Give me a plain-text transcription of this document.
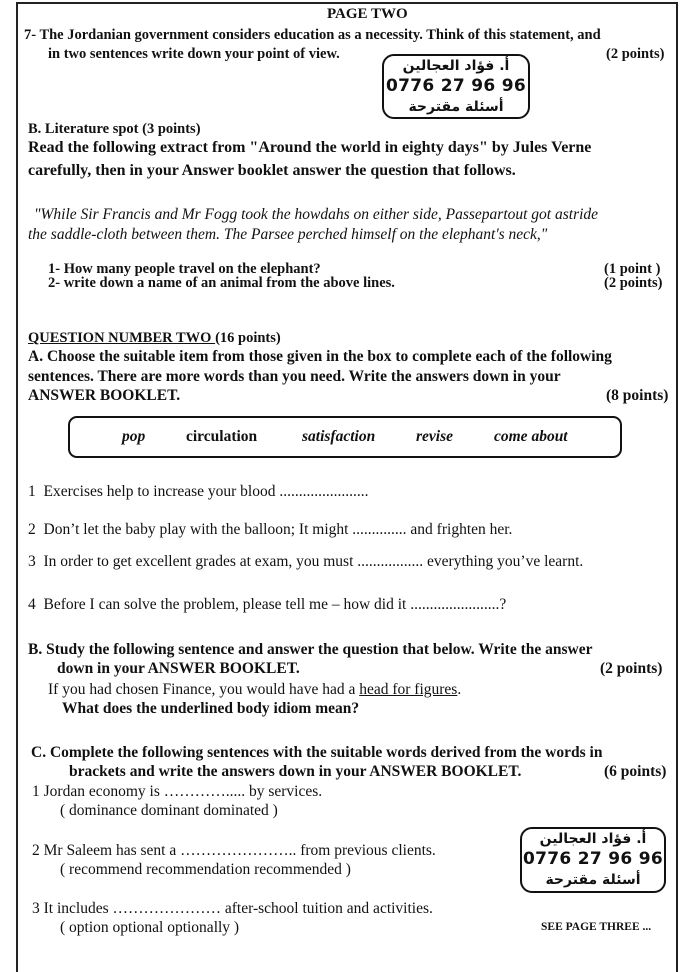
PAGE TWO
7- The Jordanian government considers education as a necessity. Think of this statement, and
in two sentences write down your point of view.	(2 points)
أ. فؤاد العجالين
0776 27 96 96
أسئلة مقترحة
B. Literature spot (3 points)
Read the following extract from "Around the world in eighty days" by Jules Verne
carefully, then in your Answer booklet answer the question that follows.
"While Sir Francis and Mr Fogg took the howdahs on either side, Passepartout got astride
the saddle-cloth between them. The Parsee perched himself on the elephant's neck,"
1- How many people travel on the elephant?	(1 point )
2- write down a name of an animal from the above lines.	(2 points)
QUESTION NUMBER TWO (16 points)
A. Choose the suitable item from those given in the box to complete each of the following
sentences. There are more words than you need. Write the answers down in your
ANSWER BOOKLET.	(8 points)
pop	circulation	satisfaction	revise	come about
1 Exercises help to increase your blood .......................
2 Don’t let the baby play with the balloon; It might .............. and frighten her.
3 In order to get excellent grades at exam, you must ................. everything you’ve learnt.
4 Before I can solve the problem, please tell me – how did it .......................?
B. Study the following sentence and answer the question that below. Write the answer
down in your ANSWER BOOKLET.	(2 points)
If you had chosen Finance, you would have had a head for figures.
What does the underlined body idiom mean?
C. Complete the following sentences with the suitable words derived from the words in
brackets and write the answers down in your ANSWER BOOKLET.	(6 points)
1 Jordan economy is …………..... by services.
( dominance dominant dominated )
2 Mr Saleem has sent a ………………….. from previous clients.
( recommend recommendation recommended )
3 It includes ………………… after-school tuition and activities.
( option optional optionally )
أ. فؤاد العجالين
0776 27 96 96
أسئلة مقترحة
SEE PAGE THREE ...
